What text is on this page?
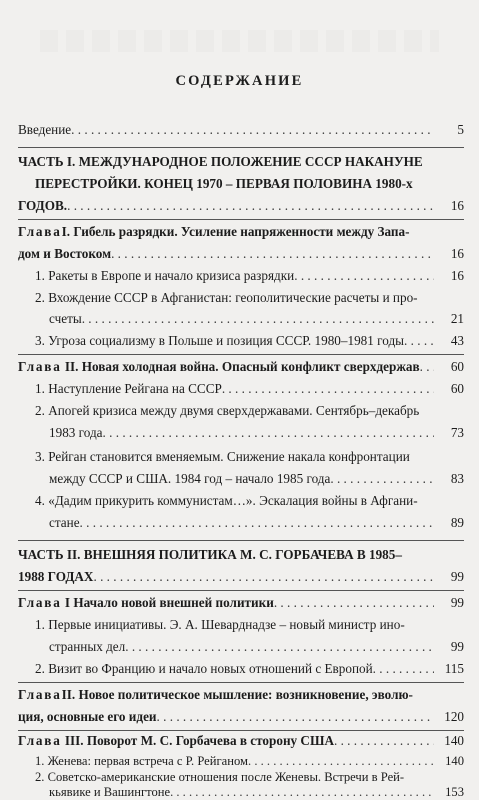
СОДЕРЖАНИЕ
Введение . . .	5
ЧАСТЬ I. МЕЖДУНАРОДНОЕ ПОЛОЖЕНИЕ СССР НАКАНУНЕ
ПЕРЕСТРОЙКИ. КОНЕЦ 1970 – ПЕРВАЯ ПОЛОВИНА 1980-х
ГОДОВ. . . .	16
Глава I. Гибель разрядки. Усиление напряженности между Запа-
дом и Востоком . . .	16
1. Ракеты в Европе и начало кризиса разрядки . . .	16
2. Вхождение СССР в Афганистан: геополитические расчеты и про-
счеты . . .	21
3. Угроза социализму в Польше и позиция СССР. 1980–1981 годы . . .	43
Глава II. Новая холодная война. Опасный конфликт сверхдержав . . .	60
1. Наступление Рейгана на СССР . . .	60
2. Апогей кризиса между двумя сверхдержавами. Сентябрь–декабрь
1983 года . . .	73
3. Рейган становится вменяемым. Снижение накала конфронтации
между СССР и США. 1984 год – начало 1985 года . . .	83
4. «Дадим прикурить коммунистам…». Эскалация войны в Афгани-
стане . . .	89
ЧАСТЬ II. ВНЕШНЯЯ ПОЛИТИКА М. С. ГОРБАЧЕВА В 1985–
1988 ГОДАХ . . .	99
Глава I Начало новой внешней политики . . .	99
1. Первые инициативы. Э. А. Шеварднадзе – новый министр ино-
странных дел . . .	99
2. Визит во Францию и начало новых отношений с Европой . . .	115
Глава II. Новое политическое мышление: возникновение, эволю-
ция, основные его идеи . . .	120
Глава III. Поворот М. С. Горбачева в сторону США . . .	140
1. Женева: первая встреча с Р. Рейганом . . .	140
2. Советско-американские отношения после Женевы. Встречи в Рей-
кьявике и Вашингтоне . . .	153
